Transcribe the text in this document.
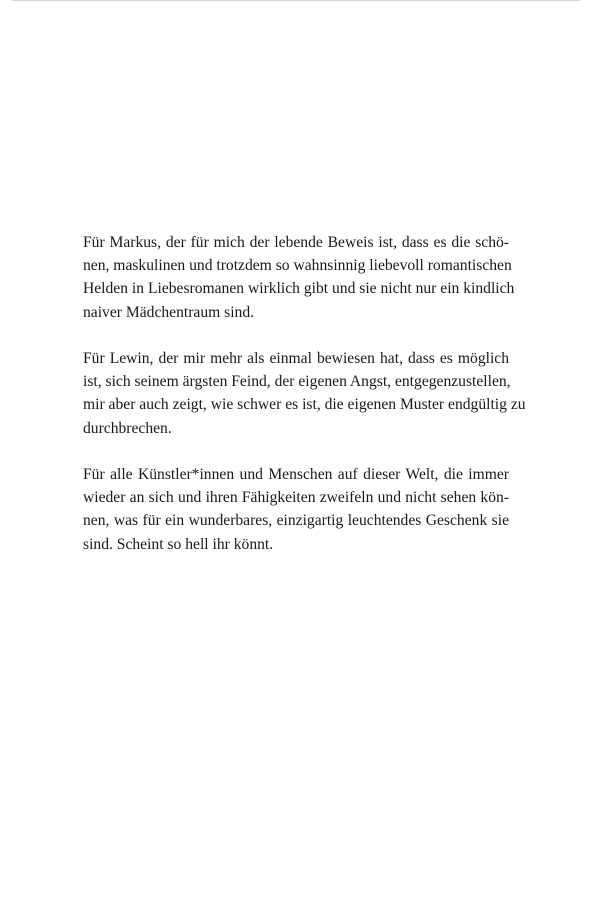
Für Markus, der für mich der lebende Beweis ist, dass es die schö-
nen, maskulinen und trotzdem so wahnsinnig liebevoll romantischen
Helden in Liebesromanen wirklich gibt und sie nicht nur ein kindlich
naiver Mädchentraum sind.

Für Lewin, der mir mehr als einmal bewiesen hat, dass es möglich
ist, sich seinem ärgsten Feind, der eigenen Angst, entgegenzustellen,
mir aber auch zeigt, wie schwer es ist, die eigenen Muster endgültig zu
durchbrechen.

Für alle Künstler*innen und Menschen auf dieser Welt, die immer
wieder an sich und ihren Fähigkeiten zweifeln und nicht sehen kön-
nen, was für ein wunderbares, einzigartig leuchtendes Geschenk sie
sind. Scheint so hell ihr könnt.
